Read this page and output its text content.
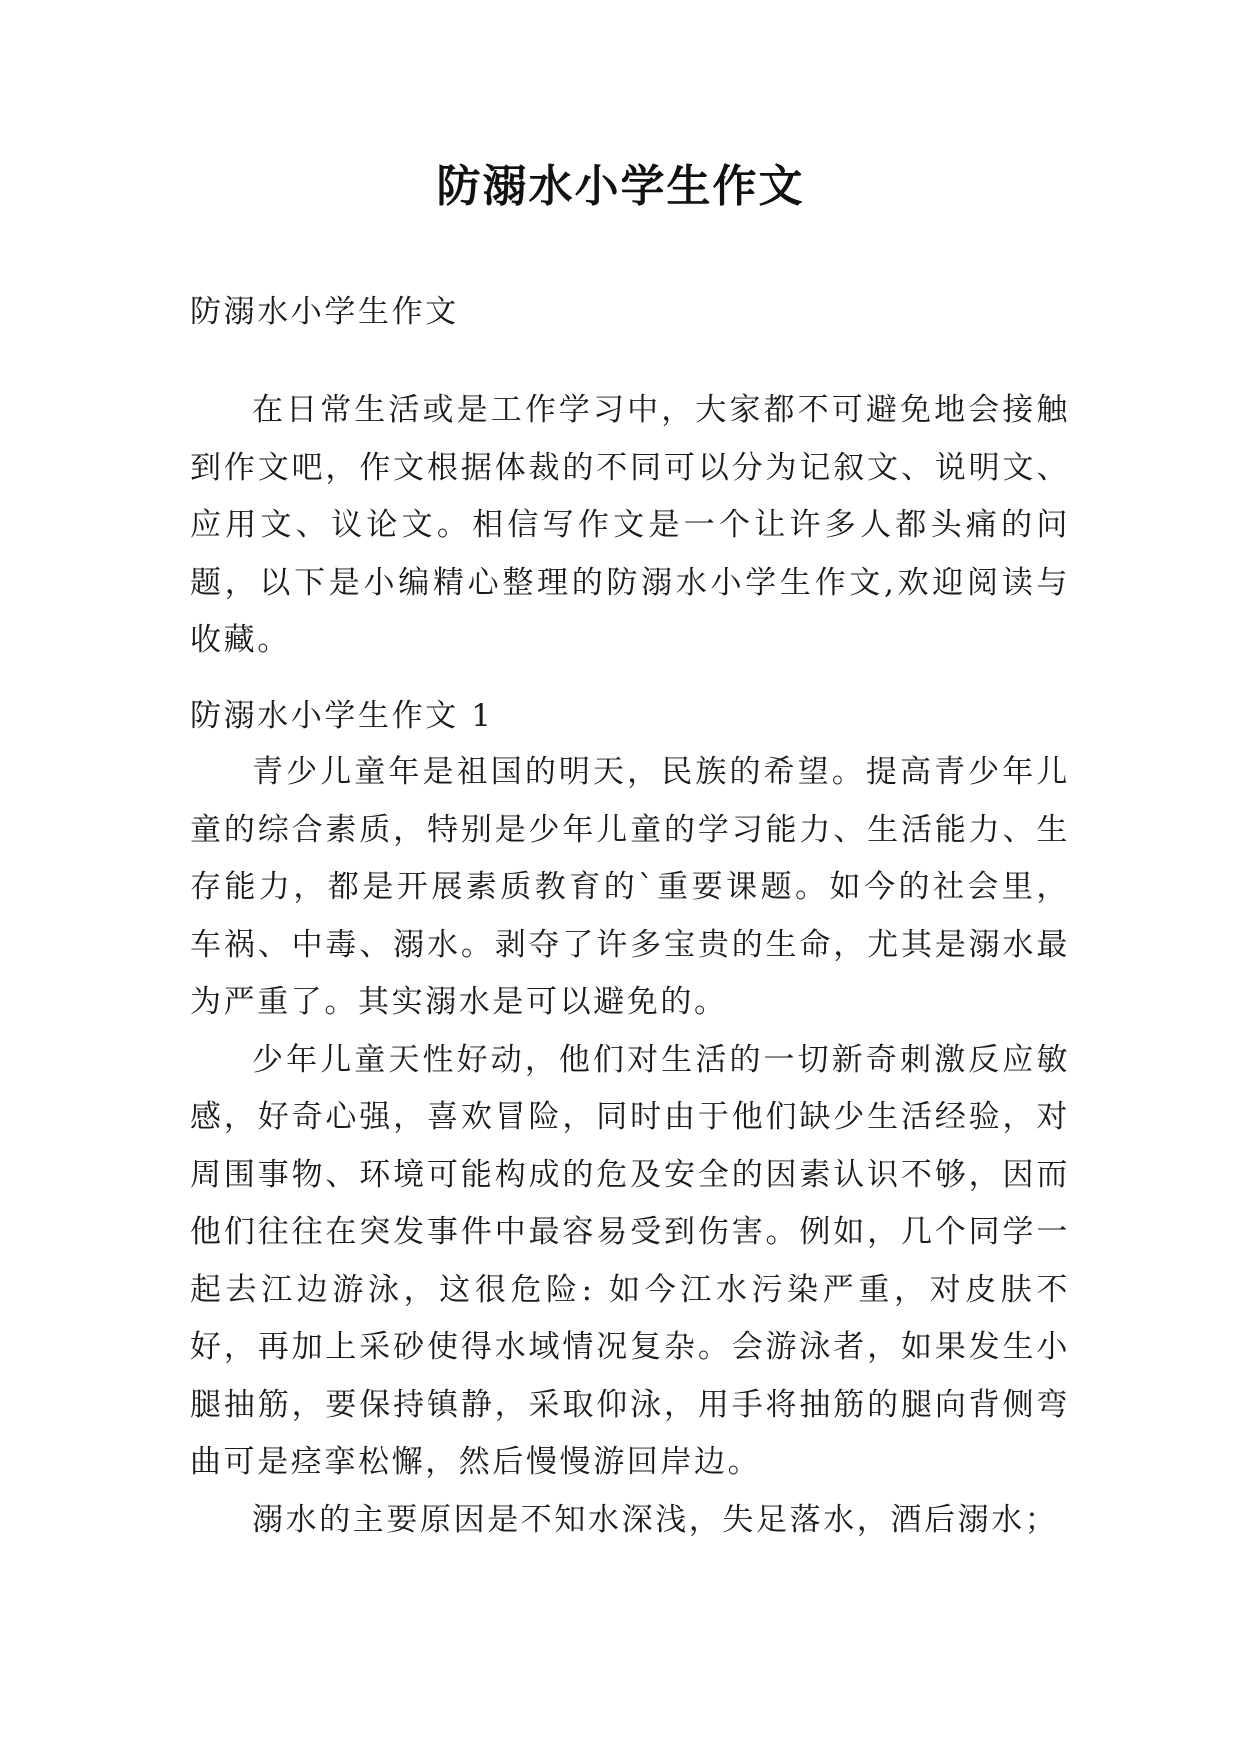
防溺水小学生作文

防溺水小学生作文

在日常生活或是工作学习中，大家都不可避免地会接触到作文吧，作文根据体裁的不同可以分为记叙文、说明文、应用文、议论文。相信写作文是一个让许多人都头痛的问题，以下是小编精心整理的防溺水小学生作文,欢迎阅读与收藏。

防溺水小学生作文 1

青少儿童年是祖国的明天，民族的希望。提高青少年儿童的综合素质，特别是少年儿童的学习能力、生活能力、生存能力，都是开展素质教育的`重要课题。如今的社会里，车祸、中毒、溺水。剥夺了许多宝贵的生命，尤其是溺水最为严重了。其实溺水是可以避免的。

少年儿童天性好动，他们对生活的一切新奇刺激反应敏感，好奇心强，喜欢冒险，同时由于他们缺少生活经验，对周围事物、环境可能构成的危及安全的因素认识不够，因而他们往往在突发事件中最容易受到伤害。例如，几个同学一起去江边游泳，这很危险: 如今江水污染严重，对皮肤不好，再加上采砂使得水域情况复杂。会游泳者，如果发生小腿抽筋，要保持镇静，采取仰泳，用手将抽筋的腿向背侧弯曲可是痉挛松懈，然后慢慢游回岸边。

溺水的主要原因是不知水深浅，失足落水，酒后溺水；
